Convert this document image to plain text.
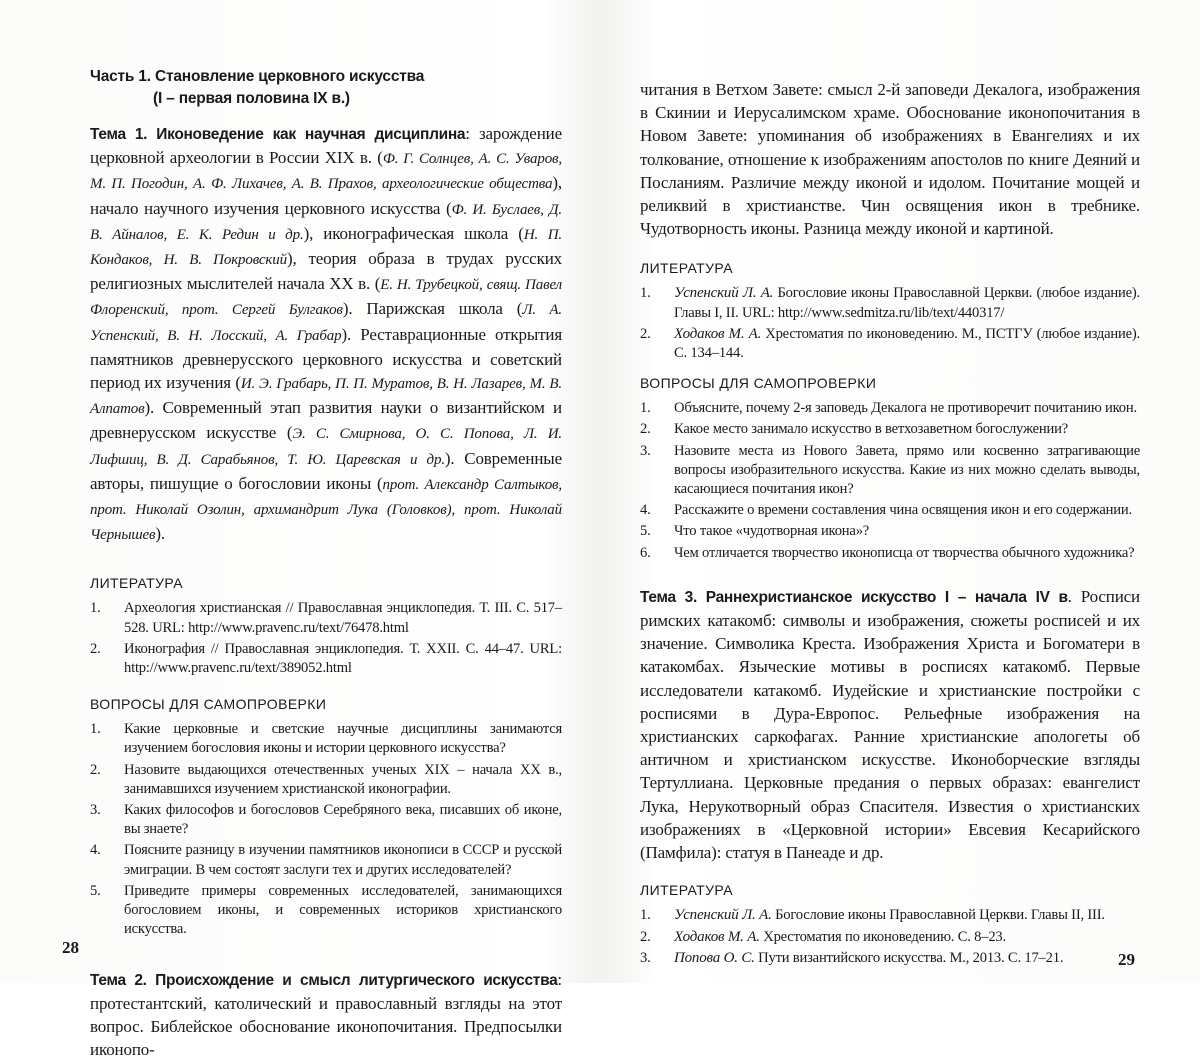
Часть 1. Становление церковного искусства
(I – первая половина IX в.)

Тема 1. Иконоведение как научная дисциплина: зарождение церковной археологии в России XIX в. (Ф. Г. Солнцев, А. С. Уваров, М. П. Погодин, А. Ф. Лихачев, А. В. Прахов, археологические общества), начало научного изучения церковного искусства (Ф. И. Буслаев, Д. В. Айналов, Е. К. Редин и др.), иконографическая школа (Н. П. Кондаков, Н. В. Покровский), теория образа в трудах русских религиозных мыслителей начала XX в. (Е. Н. Трубецкой, свящ. Павел Флоренский, прот. Сергей Булгаков). Парижская школа (Л. А. Успенский, В. Н. Лосский, А. Грабар). Реставрационные открытия памятников древнерусского церковного искусства и советский период их изучения (И. Э. Грабарь, П. П. Муратов, В. Н. Лазарев, М. В. Алпатов). Современный этап развития науки о византийском и древнерусском искусстве (Э. С. Смирнова, О. С. Попова, Л. И. Лифшиц, В. Д. Сарабьянов, Т. Ю. Царевская и др.). Современные авторы, пишущие о богословии иконы (прот. Александр Салтыков, прот. Николай Озолин, архимандрит Лука (Головков), прот. Николай Чернышев).

ЛИТЕРАТУРА
1.	Археология христианская // Православная энциклопедия. Т. III. С. 517–528. URL: http://www.pravenc.ru/text/76478.html
2.	Иконография // Православная энциклопедия. Т. XXII. С. 44–47. URL: http://www.pravenc.ru/text/389052.html
ВОПРОСЫ ДЛЯ САМОПРОВЕРКИ
1.	Какие церковные и светские научные дисциплины занимаются изучением богословия иконы и истории церковного искусства?
2.	Назовите выдающихся отечественных ученых XIX – начала XX в., занимавшихся изучением христианской иконографии.
3.	Каких философов и богословов Серебряного века, писавших об иконе, вы знаете?
4.	Поясните разницу в изучении памятников иконописи в СССР и русской эмиграции. В чем состоят заслуги тех и других исследователей?
5.	Приведите примеры современных исследователей, занимающихся богословием иконы, и современных историков христианского искусства.

Тема 2. Происхождение и смысл литургического искусства: протестантский, католический и православный взгляды на этот вопрос. Библейское обоснование иконопочитания. Предпосылки иконопо-

28

читания в Ветхом Завете: смысл 2-й заповеди Декалога, изображения в Скинии и Иерусалимском храме. Обоснование иконопочитания в Новом Завете: упоминания об изображениях в Евангелиях и их толкование, отношение к изображениям апостолов по книге Деяний и Посланиям. Различие между иконой и идолом. Почитание мощей и реликвий в христианстве. Чин освящения икон в требнике. Чудотворность иконы. Разница между иконой и картиной.

ЛИТЕРАТУРА
1.	Успенский Л. А. Богословие иконы Православной Церкви. (любое издание). Главы I, II. URL: http://www.sedmitza.ru/lib/text/440317/
2.	Ходаков М. А. Хрестоматия по иконоведению. М., ПСТГУ (любое издание). С. 134–144.
ВОПРОСЫ ДЛЯ САМОПРОВЕРКИ
1.	Объясните, почему 2-я заповедь Декалога не противоречит почитанию икон.
2.	Какое место занимало искусство в ветхозаветном богослужении?
3.	Назовите места из Нового Завета, прямо или косвенно затрагивающие вопросы изобразительного искусства. Какие из них можно сделать выводы, касающиеся почитания икон?
4.	Расскажите о времени составления чина освящения икон и его содержании.
5.	Что такое «чудотворная икона»?
6.	Чем отличается творчество иконописца от творчества обычного художника?

Тема 3. Раннехристианское искусство I – начала IV в. Росписи римских катакомб: символы и изображения, сюжеты росписей и их значение. Символика Креста. Изображения Христа и Богоматери в катакомбах. Языческие мотивы в росписях катакомб. Первые исследователи катакомб. Иудейские и христианские постройки с росписями в Дура-Европос. Рельефные изображения на христианских саркофагах. Ранние христианские апологеты об античном и христианском искусстве. Иконоборческие взгляды Тертуллиана. Церковные предания о первых образах: евангелист Лука, Нерукотворный образ Спасителя. Известия о христианских изображениях в «Церковной истории» Евсевия Кесарийского (Памфила): статуя в Панеаде и др.

ЛИТЕРАТУРА
1.	Успенский Л. А. Богословие иконы Православной Церкви. Главы II, III.
2.	Ходаков М. А. Хрестоматия по иконоведению. С. 8–23.
3.	Попова О. С. Пути византийского искусства. М., 2013. С. 17–21.	29
